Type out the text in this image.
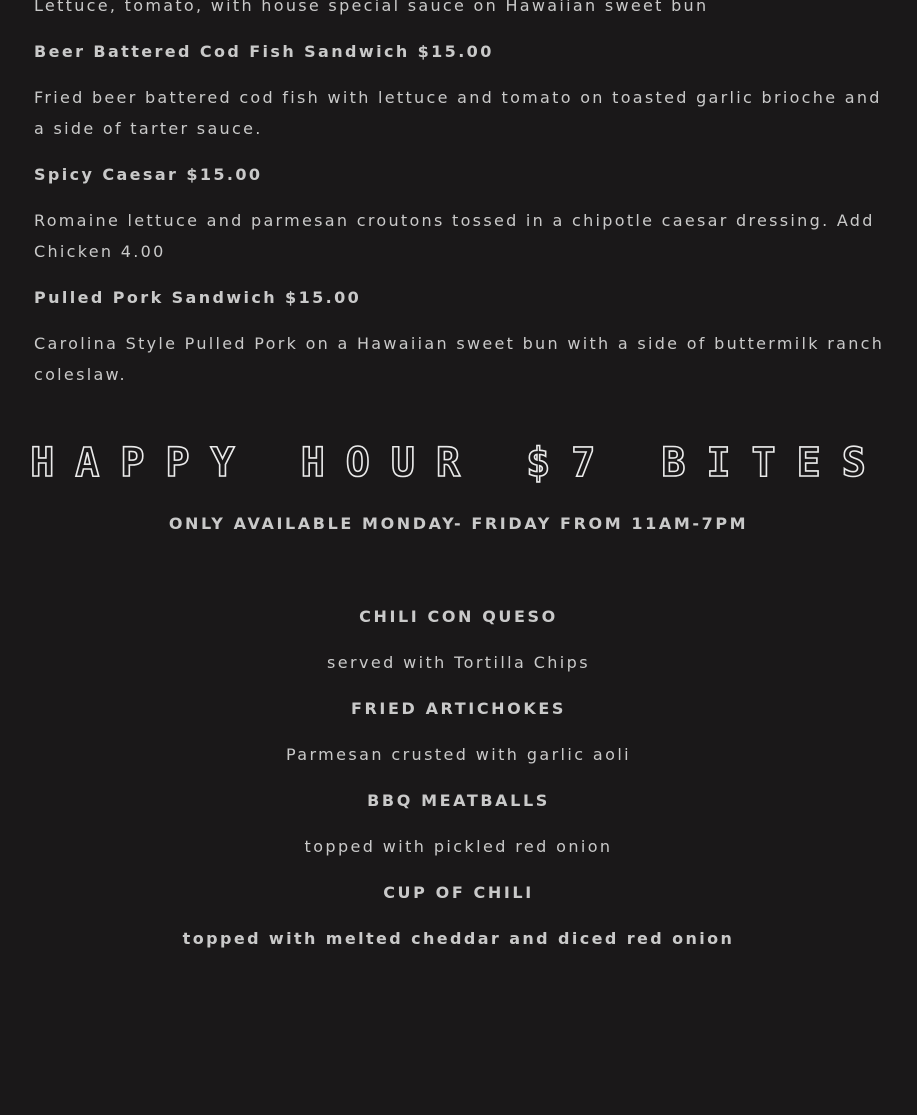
Lettuce, tomato, with house special sauce on Hawaiian sweet bun
Beer Battered Cod Fish Sandwich $15.00
Fried beer battered cod fish with lettuce and tomato on toasted garlic brioche and a side of tarter sauce.
Spicy Caesar $15.00
Romaine lettuce and parmesan croutons tossed in a chipotle caesar dressing. Add Chicken 4.00
Pulled Pork Sandwich $15.00
Carolina Style Pulled Pork on a Hawaiian sweet bun with a side of buttermilk ranch coleslaw.
HAPPY HOUR $7 BITES
ONLY AVAILABLE MONDAY- FRIDAY FROM 11AM-7PM
CHILI CON QUESO
served with Tortilla Chips
FRIED ARTICHOKES
Parmesan crusted with garlic aoli
BBQ MEATBALLS
topped with pickled red onion
CUP OF CHILI
topped with melted cheddar and diced red onion
